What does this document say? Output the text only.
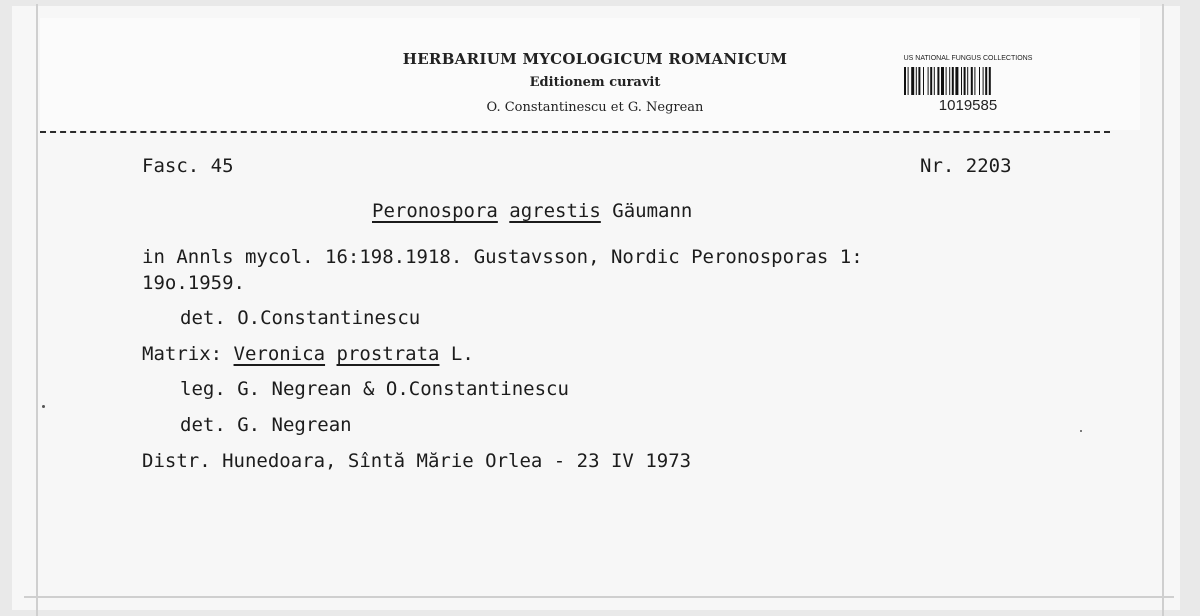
HERBARIUM MYCOLOGICUM ROMANICUM
Editionem curavit
O. Constantinescu et G. Negrean
US NATIONAL FUNGUS COLLECTIONS
1019585
Fasc. 45	Nr. 2203
Peronospora agrestis Gäumann
in Annls mycol. 16:198.1918. Gustavsson, Nordic Peronosporas 1:
19o.1959.
det. O.Constantinescu
Matrix: Veronica prostrata L.
leg. G. Negrean & O.Constantinescu
det. G. Negrean
Distr. Hunedoara, Sîntă Mărie Orlea - 23 IV 1973
